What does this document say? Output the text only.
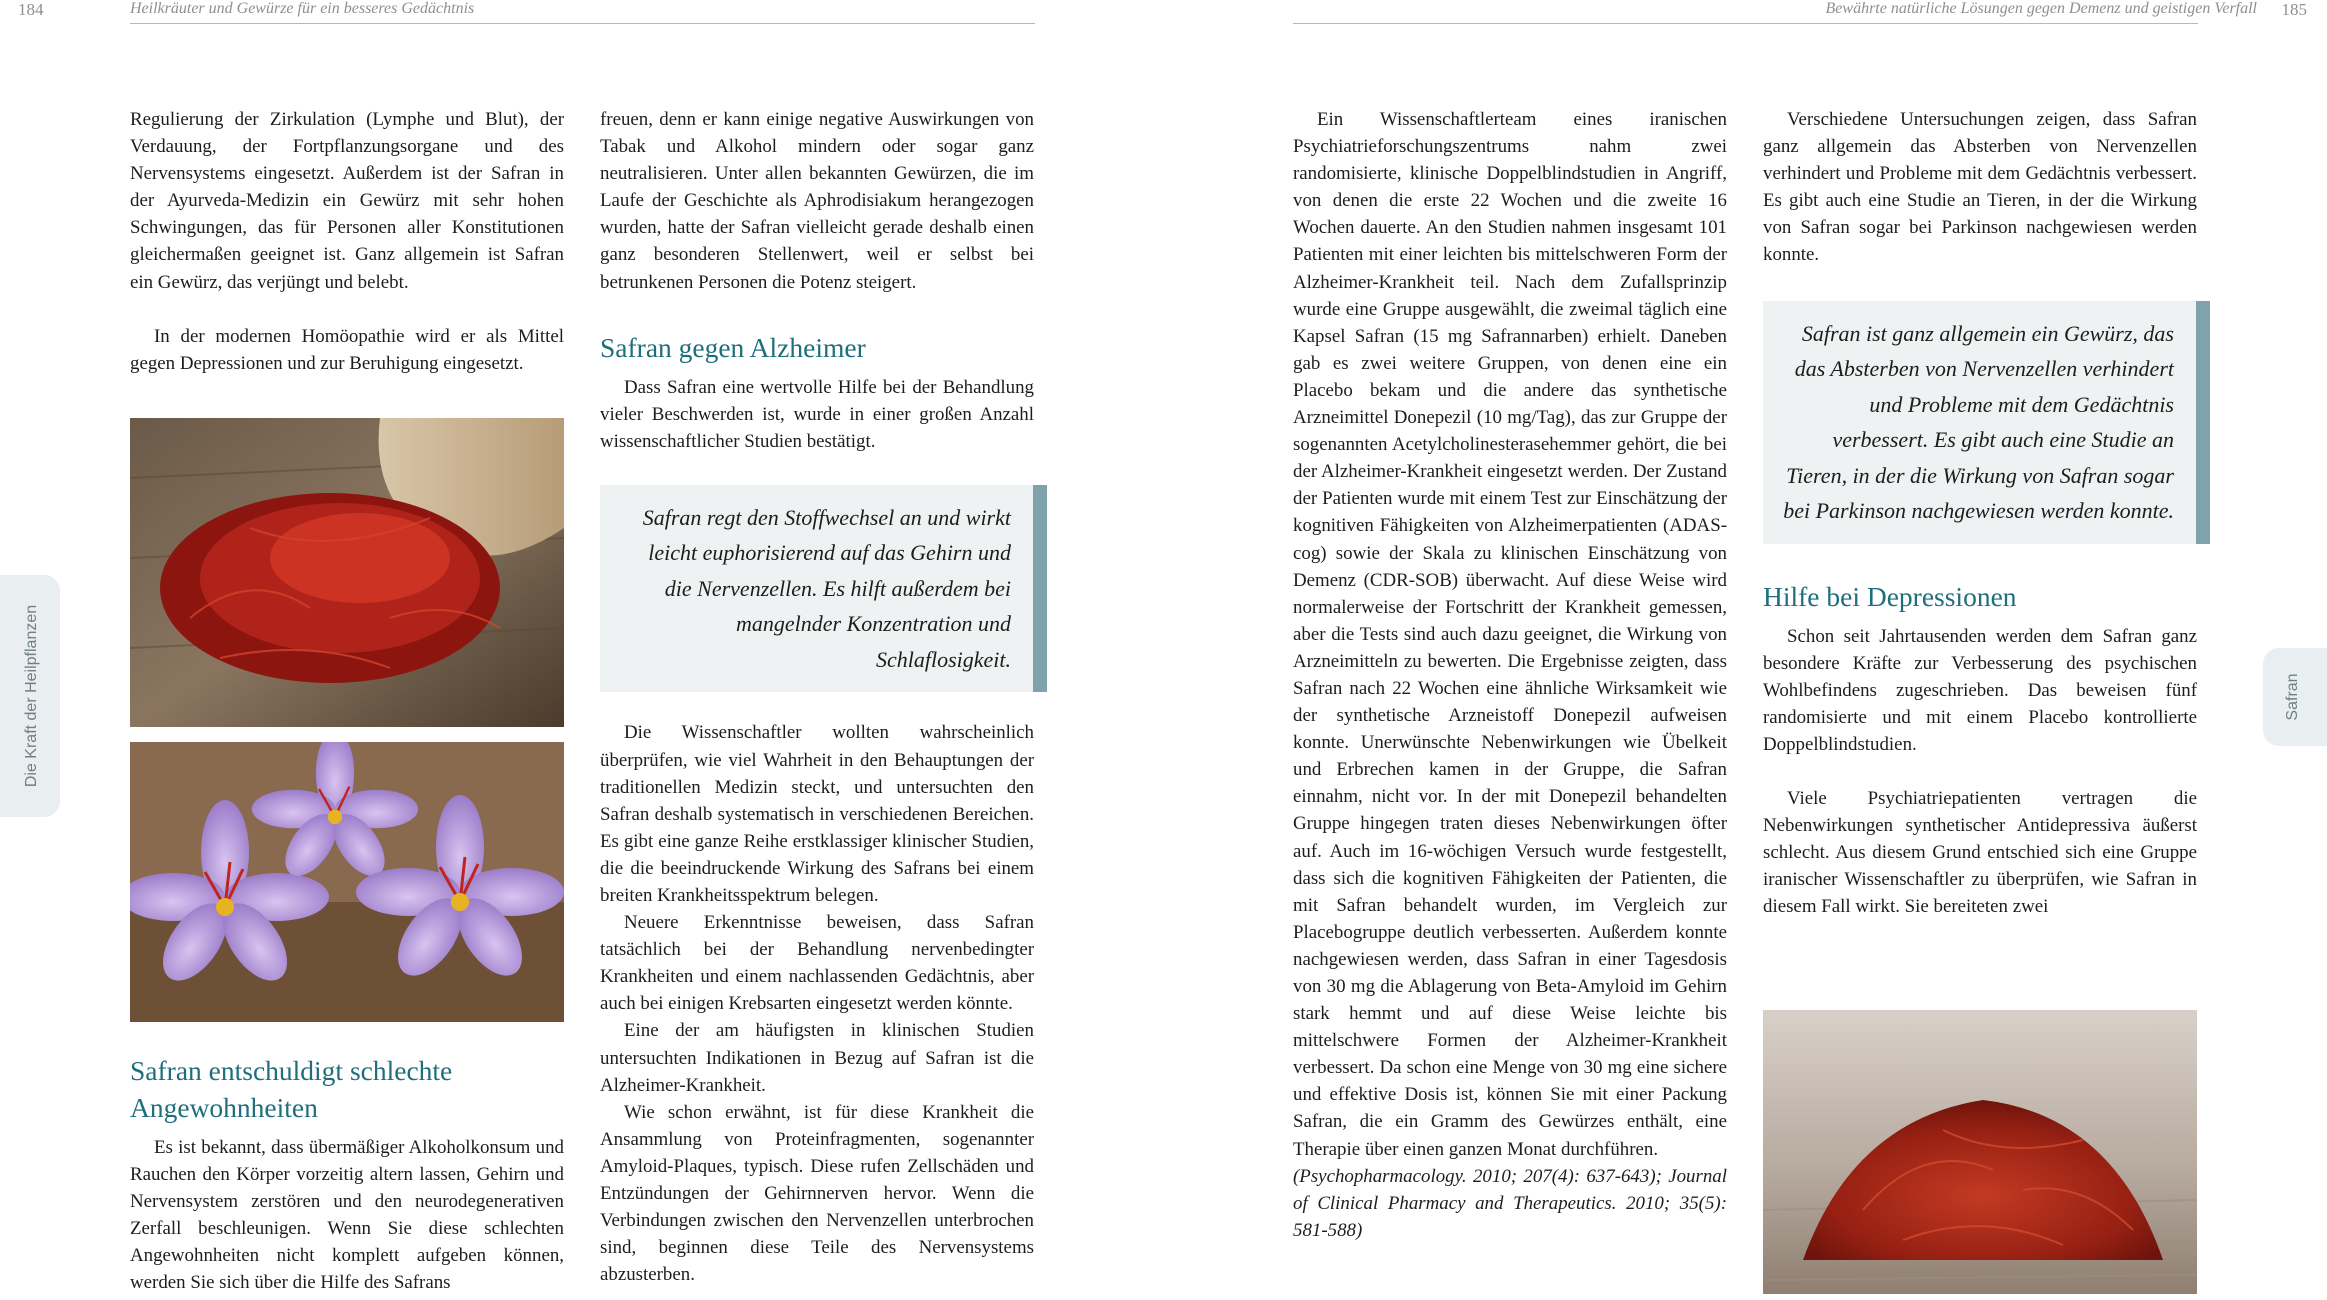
184	Heilkräuter und Gewürze für ein besseres Gedächtnis
Die Kraft der Heilpflanzen

Regulierung der Zirkulation (Lymphe und Blut), der Verdauung, der Fortpflanzungsorgane und des Nervensystems eingesetzt. Außerdem ist der Safran in der Ayurveda-Medizin ein Gewürz mit sehr hohen Schwingungen, das für Personen aller Konstitutionen gleichermaßen geeignet ist. Ganz allgemein ist Safran ein Gewürz, das verjüngt und belebt.

In der modernen Homöopathie wird er als Mittel gegen Depressionen und zur Beruhigung eingesetzt.

Safran entschuldigt schlechte Angewohnheiten

Es ist bekannt, dass übermäßiger Alkoholkonsum und Rauchen den Körper vorzeitig altern lassen, Gehirn und Nervensystem zerstören und den neurodegenerativen Zerfall beschleunigen. Wenn Sie diese schlechten Angewohnheiten nicht komplett aufgeben können, werden Sie sich über die Hilfe des Safrans

freuen, denn er kann einige negative Auswirkungen von Tabak und Alkohol mindern oder sogar ganz neutralisieren. Unter allen bekannten Gewürzen, die im Laufe der Geschichte als Aphrodisiakum herangezogen wurden, hatte der Safran vielleicht gerade deshalb einen ganz besonderen Stellenwert, weil er selbst bei betrunkenen Personen die Potenz steigert.

Safran gegen Alzheimer

Dass Safran eine wertvolle Hilfe bei der Behandlung vieler Beschwerden ist, wurde in einer großen Anzahl wissenschaftlicher Studien bestätigt.

Safran regt den Stoffwechsel an und wirkt leicht euphorisierend auf das Gehirn und die Nervenzellen. Es hilft außerdem bei mangelnder Konzentration und Schlaflosigkeit.

Die Wissenschaftler wollten wahrscheinlich überprüfen, wie viel Wahrheit in den Behauptungen der traditionellen Medizin steckt, und untersuchten den Safran deshalb systematisch in verschiedenen Bereichen. Es gibt eine ganze Reihe erstklassiger klinischer Studien, die die beeindruckende Wirkung des Safrans bei einem breiten Krankheitsspektrum belegen.

Neuere Erkenntnisse beweisen, dass Safran tatsächlich bei der Behandlung nervenbedingter Krankheiten und einem nachlassenden Gedächtnis, aber auch bei einigen Krebsarten eingesetzt werden könnte.

Eine der am häufigsten in klinischen Studien untersuchten Indikationen in Bezug auf Safran ist die Alzheimer-Krankheit.

Wie schon erwähnt, ist für diese Krankheit die Ansammlung von Proteinfragmenten, sogenannter Amyloid-Plaques, typisch. Diese rufen Zellschäden und Entzündungen der Gehirnnerven hervor. Wenn die Verbindungen zwischen den Nervenzellen unterbrochen sind, beginnen diese Teile des Nervensystems abzusterben.

Bewährte natürliche Lösungen gegen Demenz und geistigen Verfall 185
Safran

Ein Wissenschaftlerteam eines iranischen Psychiatrieforschungszentrums nahm zwei randomisierte, klinische Doppelblindstudien in Angriff, von denen die erste 22 Wochen und die zweite 16 Wochen dauerte. An den Studien nahmen insgesamt 101 Patienten mit einer leichten bis mittelschweren Form der Alzheimer-Krankheit teil. Nach dem Zufallsprinzip wurde eine Gruppe ausgewählt, die zweimal täglich eine Kapsel Safran (15 mg Safrannarben) erhielt. Daneben gab es zwei weitere Gruppen, von denen eine ein Placebo bekam und die andere das synthetische Arzneimittel Donepezil (10 mg/Tag), das zur Gruppe der sogenannten Acetylcholinesterasehemmer gehört, die bei der Alzheimer-Krankheit eingesetzt werden. Der Zustand der Patienten wurde mit einem Test zur Einschätzung der kognitiven Fähigkeiten von Alzheimerpatienten (ADAS-cog) sowie der Skala zu klinischen Einschätzung von Demenz (CDR-SOB) überwacht. Auf diese Weise wird normalerweise der Fortschritt der Krankheit gemessen, aber die Tests sind auch dazu geeignet, die Wirkung von Arzneimitteln zu bewerten. Die Ergebnisse zeigten, dass Safran nach 22 Wochen eine ähnliche Wirksamkeit wie der synthetische Arzneistoff Donepezil aufweisen konnte. Unerwünschte Nebenwirkungen wie Übelkeit und Erbrechen kamen in der Gruppe, die Safran einnahm, nicht vor. In der mit Donepezil behandelten Gruppe hingegen traten dieses Nebenwirkungen öfter auf. Auch im 16-wöchigen Versuch wurde festgestellt, dass sich die kognitiven Fähigkeiten der Patienten, die mit Safran behandelt wurden, im Vergleich zur Placebogruppe deutlich verbesserten. Außerdem konnte nachgewiesen werden, dass Safran in einer Tagesdosis von 30 mg die Ablagerung von Beta-Amyloid im Gehirn stark hemmt und auf diese Weise leichte bis mittelschwere Formen der Alzheimer-Krankheit verbessert. Da schon eine Menge von 30 mg eine sichere und effektive Dosis ist, können Sie mit einer Packung Safran, die ein Gramm des Gewürzes enthält, eine Therapie über einen ganzen Monat durchführen.

(Psychopharmacology. 2010; 207(4): 637-643); Journal of Clinical Pharmacy and Therapeutics. 2010; 35(5): 581-588)

Verschiedene Untersuchungen zeigen, dass Safran ganz allgemein das Absterben von Nervenzellen verhindert und Probleme mit dem Gedächtnis verbessert. Es gibt auch eine Studie an Tieren, in der die Wirkung von Safran sogar bei Parkinson nachgewiesen werden konnte.

Safran ist ganz allgemein ein Gewürz, das das Absterben von Nervenzellen verhindert und Probleme mit dem Gedächtnis verbessert. Es gibt auch eine Studie an Tieren, in der die Wirkung von Safran sogar bei Parkinson nachgewiesen werden konnte.
Hilfe bei Depressionen

Schon seit Jahrtausenden werden dem Safran ganz besondere Kräfte zur Verbesserung des psychischen Wohlbefindens zugeschrieben. Das beweisen fünf randomisierte und mit einem Placebo kontrollierte Doppelblindstudien.

Viele Psychiatriepatienten vertragen die Nebenwirkungen synthetischer Antidepressiva äußerst schlecht. Aus diesem Grund entschied sich eine Gruppe iranischer Wissenschaftler zu überprüfen, wie Safran in diesem Fall wirkt. Sie bereiteten zwei
